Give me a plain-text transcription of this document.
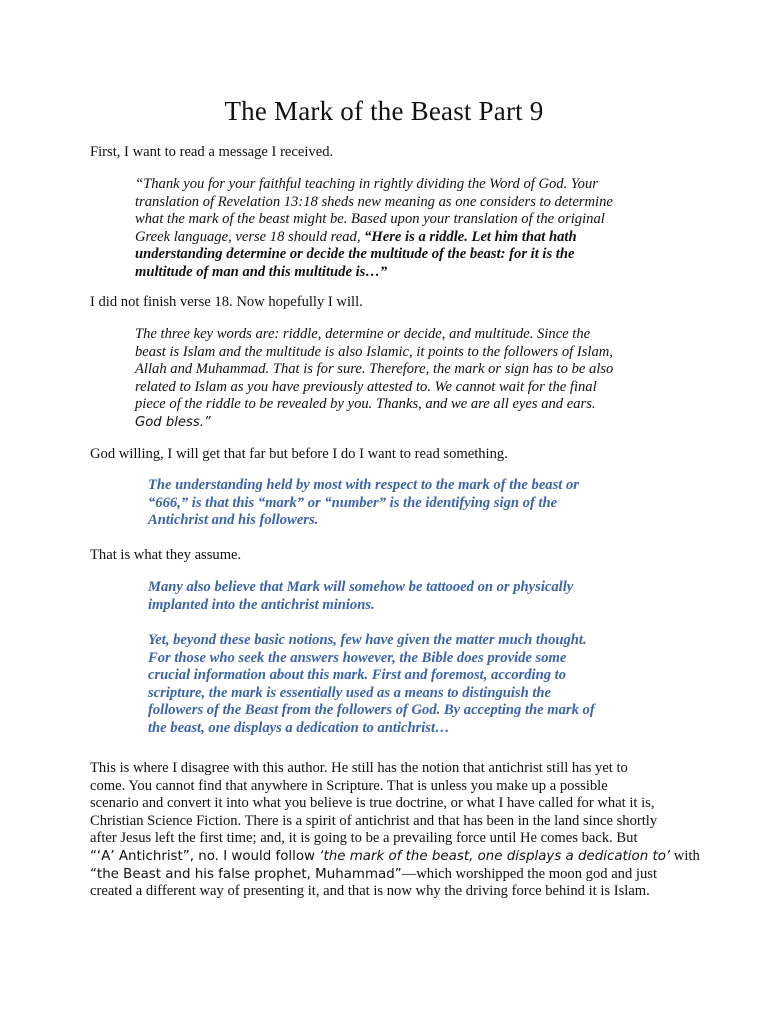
The Mark of the Beast Part 9
First, I want to read a message I received.
“Thank you for your faithful teaching in rightly dividing the Word of God. Your
translation of Revelation 13:18 sheds new meaning as one considers to determine
what the mark of the beast might be. Based upon your translation of the original
Greek language, verse 18 should read, “Here is a riddle. Let him that hath
understanding determine or decide the multitude of the beast: for it is the
multitude of man and this multitude is…”
I did not finish verse 18. Now hopefully I will.
The three key words are: riddle, determine or decide, and multitude. Since the
beast is Islam and the multitude is also Islamic, it points to the followers of Islam,
Allah and Muhammad. That is for sure. Therefore, the mark or sign has to be also
related to Islam as you have previously attested to. We cannot wait for the final
piece of the riddle to be revealed by you. Thanks, and we are all eyes and ears.
God bless.”
God willing, I will get that far but before I do I want to read something.
The understanding held by most with respect to the mark of the beast or
“666,” is that this “mark” or “number” is the identifying sign of the
Antichrist and his followers.
That is what they assume.
Many also believe that Mark will somehow be tattooed on or physically
implanted into the antichrist minions.
Yet, beyond these basic notions, few have given the matter much thought.
For those who seek the answers however, the Bible does provide some
crucial information about this mark. First and foremost, according to
scripture, the mark is essentially used as a means to distinguish the
followers of the Beast from the followers of God. By accepting the mark of
the beast, one displays a dedication to antichrist…
This is where I disagree with this author. He still has the notion that antichrist still has yet to
come. You cannot find that anywhere in Scripture. That is unless you make up a possible
scenario and convert it into what you believe is true doctrine, or what I have called for what it is,
Christian Science Fiction. There is a spirit of antichrist and that has been in the land since shortly
after Jesus left the first time; and, it is going to be a prevailing force until He comes back. But
“‘A’ Antichrist”, no. I would follow ‘the mark of the beast, one displays a dedication to’ with
“the Beast and his false prophet, Muhammad”—which worshipped the moon god and just
created a different way of presenting it, and that is now why the driving force behind it is Islam.
